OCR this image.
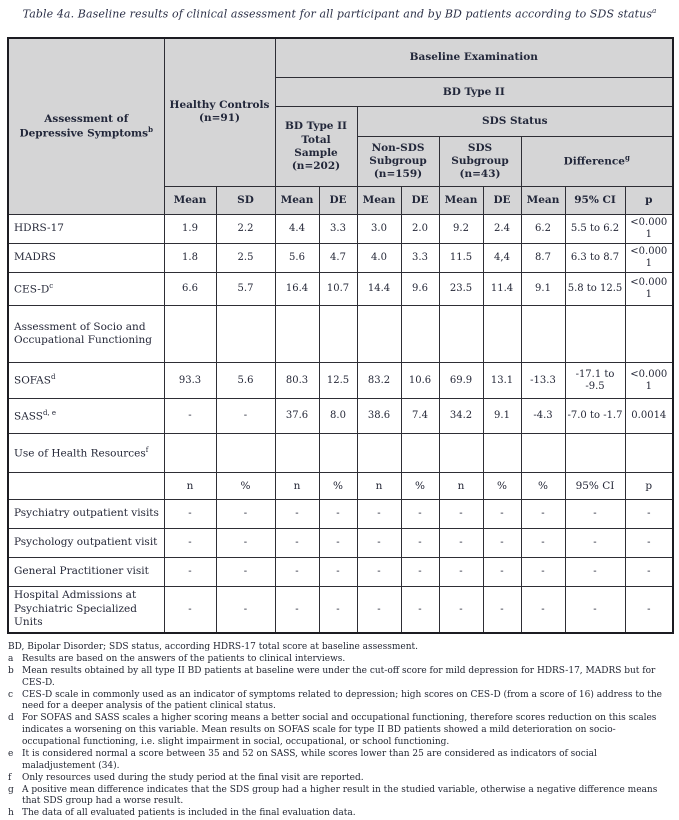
Table 4a. Baseline results of clinical assessment for all participant and by BD patients according to SDS status$^a$
Assessment of Depressive Symptoms$^b$	Healthy Controls (n=91)		Baseline Examination								
			BD Type II								
			BD Type II Total Sample (n=202)		SDS Status						
					Non-SDS Subgroup (n=159)		SDS Subgroup (n=43)		Difference$^g$
	Mean	SD	Mean	DE	Mean	DE	Mean	DE	Mean	95% CI	p
HDRS-17	1.9	2.2	4.4	3.3	3.0	2.0	9.2	2.4	6.2	5.5 to 6.2	<0.0001
MADRS	1.8	2.5	5.6	4.7	4.0	3.3	11.5	4,4	8.7	6.3 to 8.7	<0.0001
CES-$D^c$	6.6	5.7	16.4	10.7	14.4	9.6	23.5	11.4	9.1	5.8 to 12.5	<0.0001
Assessment of Socio and Occupational Functioning											
SOFAS$^d$	93.3	5.6	80.3	12.5	83.2	10.6	69.9	13.1	-13.3	-17.1 to -9.5	<0.0001
SASS$^{d, e}$	-	-	37.6	8.0	38.6	7.4	34.2	9.1	-4.3	-7.0 to -1.7	0.0014
Use of Health Resources$^f$											
	n	%	n	%	n	%	n	%	%	95% CI	p
Psychiatry outpatient visits	-	-	-	-	-	-	-	-	-	-	-
Psychology outpatient visit	-	-	-	-	-	-	-	-	-	-	-
General Practitioner visit	-	-	-	-	-	-	-	-	-	-	-
Hospital Admissions at Psychiatric Specialized Units	-	-	-	-	-	-	-	-	-	-	-
BD, Bipolar Disorder; SDS status, according HDRS-17 total score at baseline assessment.
a Results are based on the answers of the patients to clinical interviews.
b Mean results obtained by all type II BD patients at baseline were under the cut-off score for mild depression for HDRS-17, MADRS but for CES-D.
c CES-D scale in commonly used as an indicator of symptoms related to depression; high scores on CES-D (from a score of 16) address to the need for a deeper analysis of the patient clinical status.
d For SOFAS and SASS scales a higher scoring means a better social and occupational functioning, therefore scores reduction on this scales indicates a worsening on this variable. Mean results on SOFAS scale for type II BD patients showed a mild deterioration on socio-occupational functioning, i.e. slight impairment in social, occupational, or school functioning.
e It is considered normal a score between 35 and 52 on SASS, while scores lower than 25 are considered as indicators of social maladjustement (34).
f	Only resources used during the study period at the final visit are reported.
g A positive mean difference indicates that the SDS group had a higher result in the studied variable, otherwise a negative difference means that SDS group had a worse result.
h The data of all evaluated patients is included in the final evaluation data.
